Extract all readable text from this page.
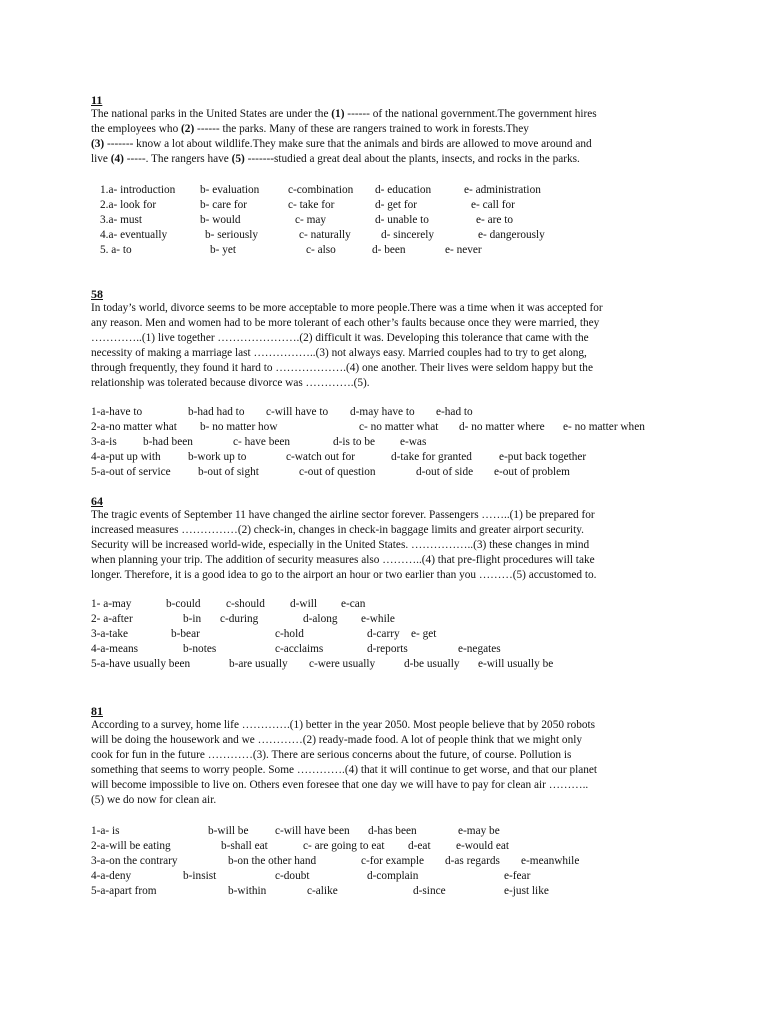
11

The national parks in the United States are under the (1) ------ of the national government.The government hires

the employees who (2) ------ the parks. Many of these are rangers trained to work in forests.They

(3) ------- know a lot about wildlife.They make sure that the animals and birds are allowed to move around and

live (4) -----. The rangers have (5) -------studied a great deal about the plants, insects, and rocks in the parks.

1.a- introduction b- evaluation	c-combination d- education	e- administration
2.a- look for	b- care for	c- take for	d- get for	e- call for
3.a- must	b- would	c- may	d- unable to	e- are to
4.a- eventually	b- seriously	c- naturally	d- sincerely	e- dangerously
5. a- to	b- yet	c- also	d- been	e- never

58

In today’s world, divorce seems to be more acceptable to more people.There was a time when it was accepted for

any reason. Men and women had to be more tolerant of each other’s faults because once they were married, they

…………..(1) live together ………………….(2) difficult it was. Developing this tolerance that came with the

necessity of making a marriage last ……………..(3) not always easy. Married couples had to try to get along,

through frequently, they found it hard to ……………….(4) one another. Their lives were seldom happy but the

relationship was tolerated because divorce was ………….(5).

1-a-have to	b-had had to c-will have to d-may have to e-had to
2-a-no matter what b- no matter how	c- no matter what d- no matter where e- no matter when
3-a-is b-had been	c- have been	d-is to be e-was
4-a-put up with b-work up to	c-watch out for	d-take for granted e-put back together
5-a-out of service b-out of sight	c-out of question	d-out of side e-out of problem

64

The tragic events of September 11 have changed the airline sector forever. Passengers ……..(1) be prepared for

increased measures ……………(2) check-in, changes in check-in baggage limits and greater airport security.

Security will be increased world-wide, especially in the United States. ……………..(3) these changes in mind

when planning your trip. The addition of security measures also ………..(4) that pre-flight procedures will take

longer. Therefore, it is a good idea to go to the airport an hour or two earlier than you ………(5) accustomed to.

1- a-may	b-could c-should d-will e-can
2- a-after	b-in c-during	d-along e-while
3-a-take	b-bear	c-hold	d-carry e- get
4-a-means	b-notes	c-acclaims	d-reports	e-negates
5-a-have usually been	b-are usually c-were usually	d-be usually e-will usually be

81

According to a survey, home life ………….(1) better in the year 2050. Most people believe that by 2050 robots

will be doing the housework and we …………(2) ready-made food. A lot of people think that we might only

cook for fun in the future …………(3). There are serious concerns about the future, of course. Pollution is

something that seems to worry people. Some ………….(4) that it will continue to get worse, and that our planet

will become impossible to live on. Others even foresee that one day we will have to pay for clean air ………..

(5) we do now for clean air.

1-a- is	b-will be c-will have been d-has been	e-may be
2-a-will be eating	b-shall eat	c- are going to eat d-eat e-would eat
3-a-on the contrary	b-on the other hand	c-for example d-as regards e-meanwhile
4-a-deny	b-insist	c-doubt	d-complain	e-fear
5-a-apart from	b-within	c-alike	d-since	e-just like
